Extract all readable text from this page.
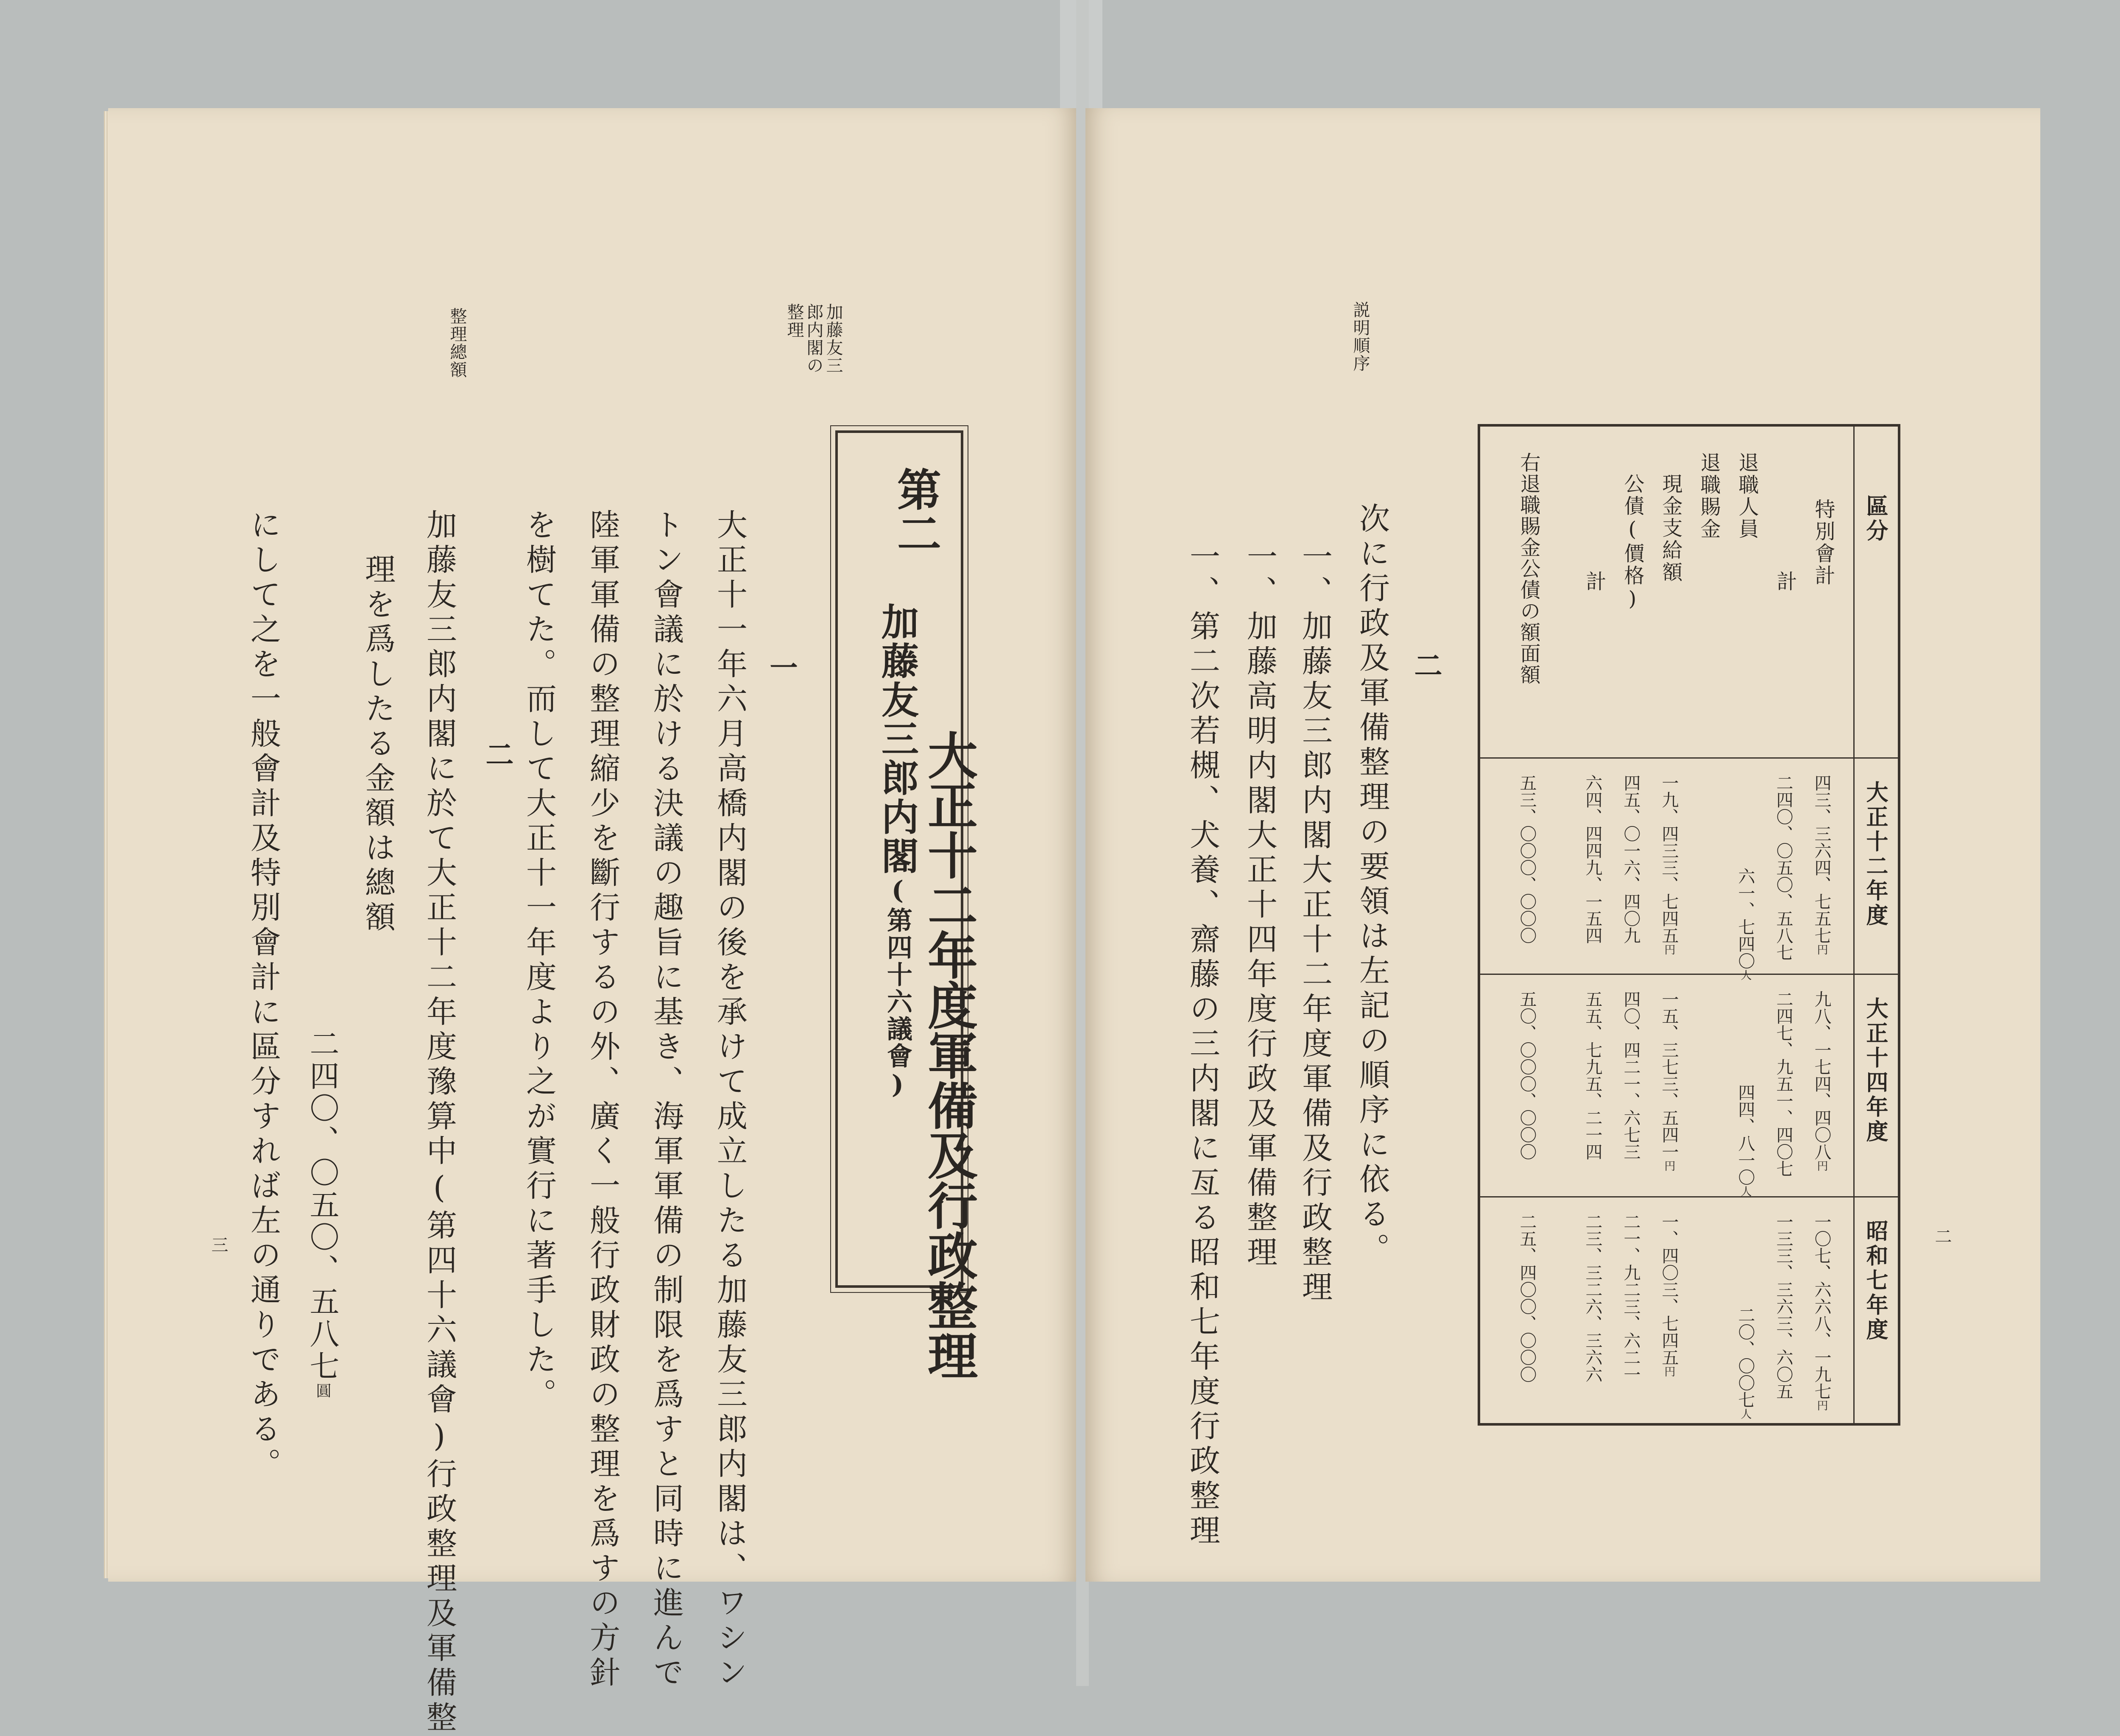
加藤友三
郎内閣の
整理
整理總額
第二
加藤友三郎内閣(第四十六議會) 大正十二年度軍備及行政整理
一
大正十一年六月高橋内閣の後を承けて成立したる加藤友三郎内閣は、ワシン
トン會議に於ける決議の趣旨に基き、海軍軍備の制限を爲すと同時に進んで
陸軍軍備の整理縮少を斷行するの外、廣く一般行政財政の整理を爲すの方針
を樹てた。而して大正十一年度より之が實行に著手した。
二
加藤友三郎内閣に於て大正十二年度豫算中(第四十六議會)行政整理及軍備整
理を爲したる金額は總額
二四〇、〇五〇、五八七圓
にして之を一般會計及特別會計に區分すれば左の通りである。
三
區分
大正十二年度
大正十四年度
昭和七年度
特別會計
計
退職人員
退職賜金
現金支給額
公債(價格)
計
右退職賜金公債の額面額
四三、三六四、七五七円
二四〇、〇五〇、五八七
六一、七四〇人
一九、四三三、七四五円
四五、〇一六、四〇九
六四、四四九、一五四
五三、〇〇〇、〇〇〇
九八、一七四、四〇八円
二四七、九五一、四〇七
四四、八一〇人
一五、三七三、五四一円
四〇、四二一、六七三
五五、七九五、二一四
五〇、〇〇〇、〇〇〇
一〇七、六六八、一九七円
一三三、三六三、六〇五
二〇、〇〇七人
一、四〇三、七四五円
二一、九二三、六二一
二三、三二六、三六六
二五、四〇〇、〇〇〇
説明順序
二
次に行政及軍備整理の要領は左記の順序に依る。
一、加藤友三郎内閣大正十二年度軍備及行政整理
一、加藤高明内閣大正十四年度行政及軍備整理
一、第二次若槻、犬養、齋藤の三内閣に亙る昭和七年度行政整理	二
